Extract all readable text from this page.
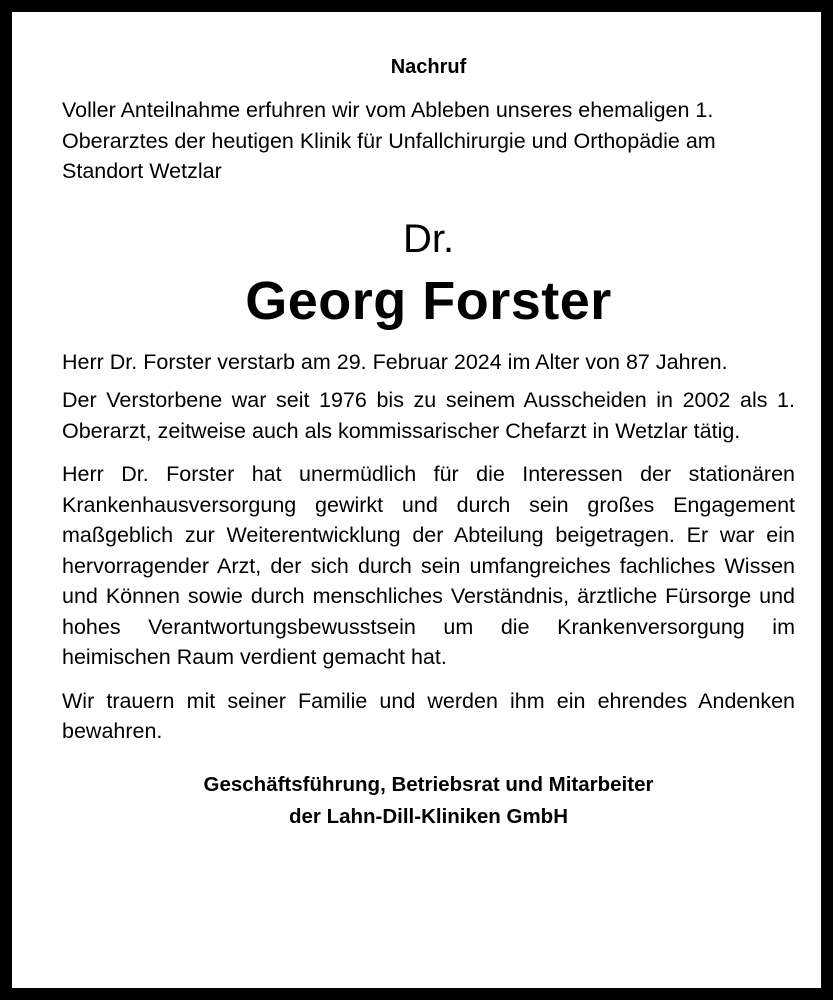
Nachruf

Voller Anteilnahme erfuhren wir vom Ableben unseres ehemaligen 1. Oberarztes der heutigen Klinik für Unfallchirurgie und Orthopädie am Standort Wetzlar

Dr.
Georg Forster

Herr Dr. Forster verstarb am 29. Februar 2024 im Alter von 87 Jahren.

Der Verstorbene war seit 1976 bis zu seinem Ausscheiden in 2002 als 1. Oberarzt, zeitweise auch als kommissarischer Chefarzt in Wetzlar tätig.

Herr Dr. Forster hat unermüdlich für die Interessen der stationären Krankenhausversorgung gewirkt und durch sein großes Engagement maßgeblich zur Weiterentwicklung der Abteilung beigetragen. Er war ein hervorragender Arzt, der sich durch sein umfangreiches fachliches Wissen und Können sowie durch menschliches Verständnis, ärztliche Fürsorge und hohes Verantwortungsbewusstsein um die Krankenversorgung im heimischen Raum verdient gemacht hat.

Wir trauern mit seiner Familie und werden ihm ein ehrendes Andenken bewahren.

Geschäftsführung, Betriebsrat und Mitarbeiter
der Lahn-Dill-Kliniken GmbH
